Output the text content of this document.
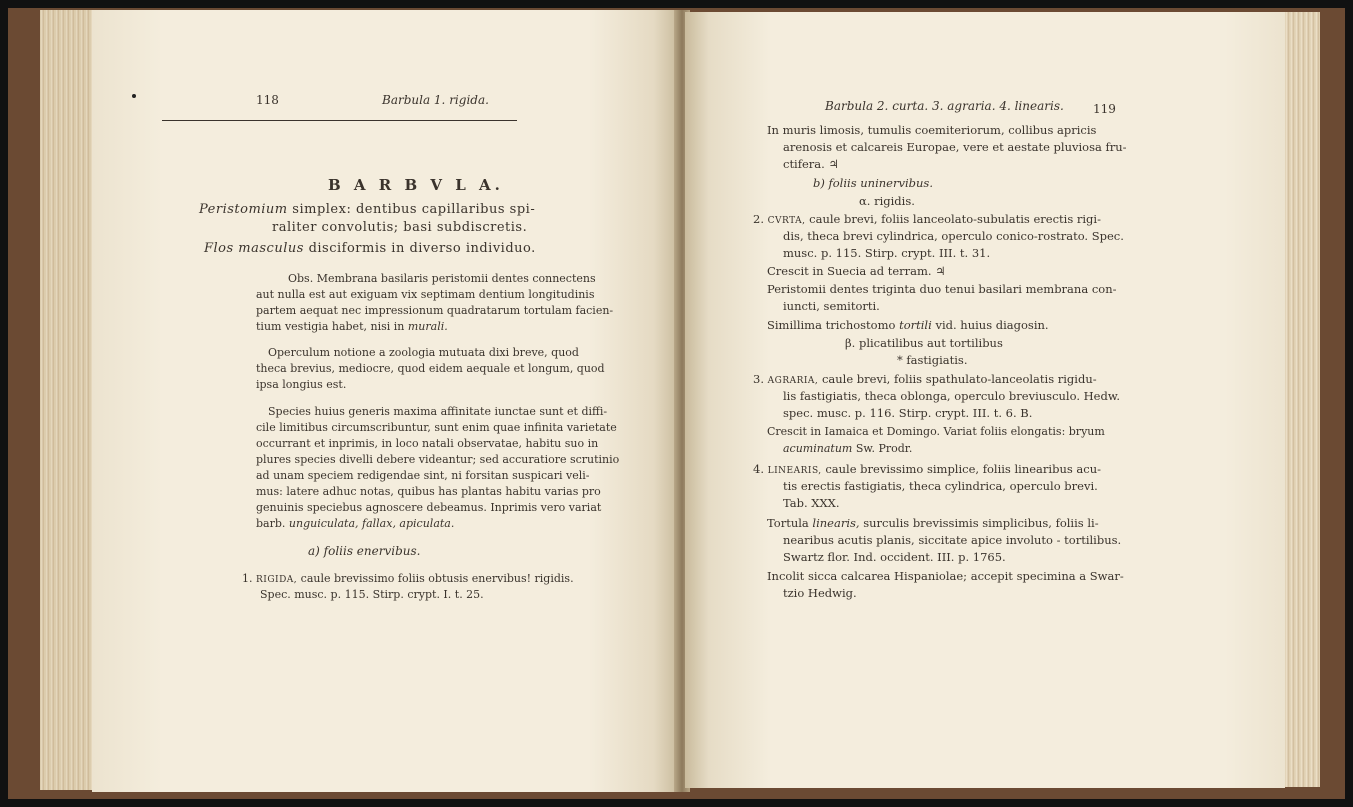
118	Barbula 1. rigida.
B A R B V L A.
Peristomium simplex: dentibus capillaribus spi-
raliter convolutis; basi subdiscretis.
Flos masculus disciformis in diverso individuo.
Obs. Membrana basilaris peristomii dentes connectens
aut nulla est aut exiguam vix septimam dentium longitudinis
partem aequat nec impressionum quadratarum tortulam facien-
tium vestigia habet, nisi in murali.
Operculum notione a zoologia mutuata dixi breve, quod
theca brevius, mediocre, quod eidem aequale et longum, quod
ipsa longius est.
Species huius generis maxima affinitate iunctae sunt et diffi-
cile limitibus circumscribuntur, sunt enim quae infinita varietate
occurrant et inprimis, in loco natali observatae, habitu suo in
plures species divelli debere videantur; sed accuratiore scrutinio
ad unam speciem redigendae sint, ni forsitan suspicari veli-
mus: latere adhuc notas, quibus has plantas habitu varias pro
genuinis speciebus agnoscere debeamus. Inprimis vero variat
barb. unguiculata, fallax, apiculata.
a) foliis enervibus.
1. RIGIDA, caule brevissimo foliis obtusis enervibus! rigidis.
Spec. musc. p. 115. Stirp. crypt. I. t. 25.
Barbula 2. curta. 3. agraria. 4. linearis. 119
In muris limosis, tumulis coemiteriorum, collibus apricis
arenosis et calcareis Europae, vere et aestate pluviosa fru-
ctifera. ♃
b) foliis uninervibus.
α. rigidis.
2. CVRTA, caule brevi, foliis lanceolato-subulatis erectis rigi-
dis, theca brevi cylindrica, operculo conico-rostrato. Spec.
musc. p. 115. Stirp. crypt. III. t. 31.
Crescit in Suecia ad terram. ♃
Peristomii dentes triginta duo tenui basilari membrana con-
iuncti, semitorti.
Simillima trichostomo tortili vid. huius diagosin.
β. plicatilibus aut tortilibus
* fastigiatis.
3. AGRARIA, caule brevi, foliis spathulato-lanceolatis rigidu-
lis fastigiatis, theca oblonga, operculo breviusculo. Hedw.
spec. musc. p. 116. Stirp. crypt. III. t. 6. B.
Crescit in Iamaica et Domingo. Variat foliis elongatis: bryum
acuminatum Sw. Prodr.
4. LINEARIS, caule brevissimo simplice, foliis linearibus acu-
tis erectis fastigiatis, theca cylindrica, operculo brevi.
Tab. XXX.
Tortula linearis, surculis brevissimis simplicibus, foliis li-
nearibus acutis planis, siccitate apice involuto - tortilibus.
Swartz flor. Ind. occident. III. p. 1765.
Incolit sicca calcarea Hispaniolae; accepit specimina a Swar-
tzio Hedwig.
